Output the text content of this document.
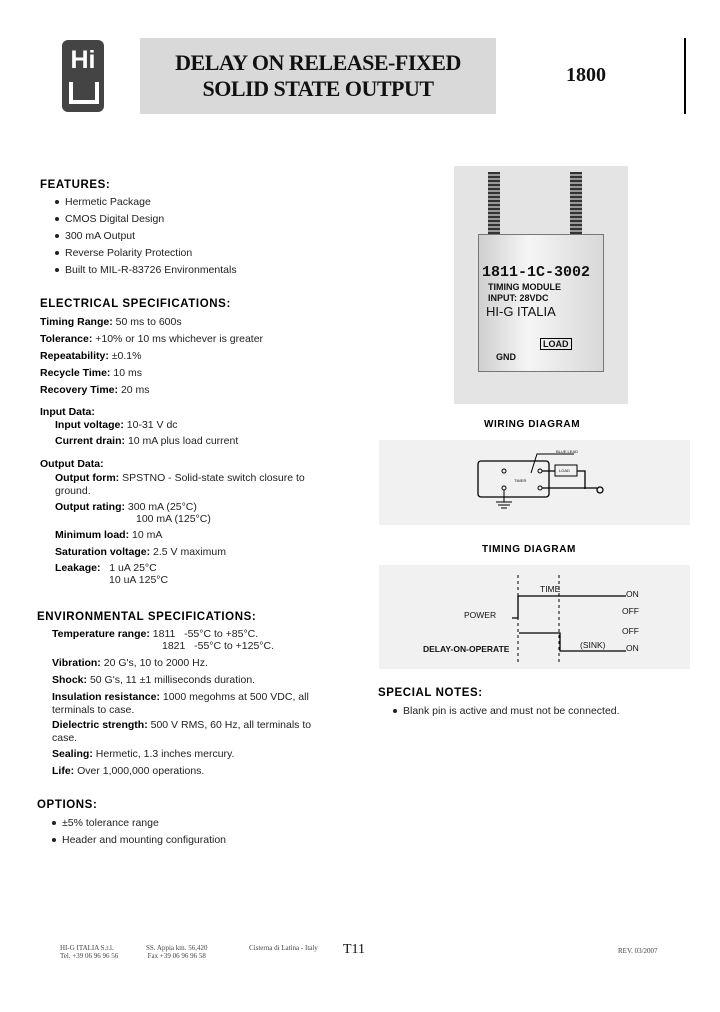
Hi	DELAY ON RELEASE-FIXED
SOLID STATE OUTPUT
1800
1811-1C-3002
TIMING MODULE
INPUT: 28VDC
HI-G ITALIA
LOAD
GND
FEATURES:
Hermetic Package
CMOS Digital Design
300 mA Output
Reverse Polarity Protection
Built to MIL-R-83726 Environmentals
ELECTRICAL SPECIFICATIONS:
Timing Range: 50 ms to 600s
Tolerance: +10% or 10 ms whichever is greater
Repeatability: ±0.1%
Recycle Time: 10 ms
Recovery Time: 20 ms
Input Data:
Input voltage: 10-31 V dc
Current drain: 10 mA plus load current
Output Data:
Output form: SPSTNO - Solid-state switch closure to
ground.
Output rating: 300 mA (25°C)
100 mA (125°C)
Minimum load: 10 mA
Saturation voltage: 2.5 V maximum
Leakage: 1 uA 25°C
10 uA 125°C
ENVIRONMENTAL SPECIFICATIONS:
Temperature range: 1811   -55°C to +85°C.
1821   -55°C to +125°C.
Vibration: 20 G's, 10 to 2000 Hz.
Shock: 50 G's, 11 ±1 milliseconds duration.
Insulation resistance: 1000 megohms at 500 VDC, all
terminals to case.
Dielectric strength: 500 V RMS, 60 Hz, all terminals to
case.
Sealing: Hermetic, 1.3 inches mercury.
Life: Over 1,000,000 operations.
OPTIONS:
±5% tolerance range
Header and mounting configuration
WIRING DIAGRAM
BLUE LEAD
LOAD
TIMER
TIMING DIAGRAM
TIME
POWER
DELAY-ON-OPERATE
ON
OFF
OFF
(SINK) ON
SPECIAL NOTES:
Blank pin is active and must not be connected.
HI-G ITALIA S.r.l.
Tel. +39 06 96 96 56
SS. Appia km. 56,420
Fax +39 06 96 96 58
Cisterna di Latina - Italy T11	REV. 03/2007
